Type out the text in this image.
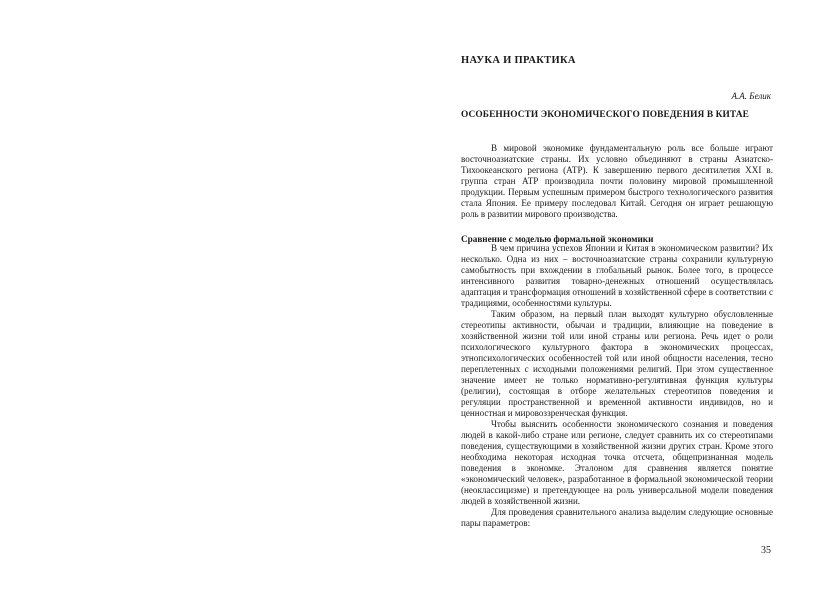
НАУКА И ПРАКТИКА

А.А. Белик

ОСОБЕННОСТИ ЭКОНОМИЧЕСКОГО ПОВЕДЕНИЯ В КИТАЕ

В мировой экономике фундаментальную роль все больше играют восточноазиатские страны. Их условно объединяют в страны Азиатско-Тихоокеанского региона (АТР). К завершению первого десятилетия XXI в. группа стран АТР производила почти половину мировой промышленной продукции. Первым успешным примером быстрого технологического развития стала Япония. Ее примеру последовал Китай. Сегодня он играет решающую роль в развитии мирового производства.

Сравнение с моделью формальной экономики

В чем причина успехов Японии и Китая в экономическом развитии? Их несколько. Одна из них – восточноазиатские страны сохранили культурную самобытность при вхождении в глобальный рынок. Более того, в процессе интенсивного развития товарно-денежных отношений осуществлялась адаптация и трансформация отношений в хозяйственной сфере в соответствии с традициями, особенностями культуры.

Таким образом, на первый план выходят культурно обусловленные стереотипы активности, обычаи и традиции, влияющие на поведение в хозяйственной жизни той или иной страны или региона. Речь идет о роли психологического культурного фактора в экономических процессах, этнопсихологических особенностей той или иной общности населения, тесно переплетенных с исходными положениями религий. При этом существенное значение имеет не только нормативно-регулятивная функция культуры (религии), состоящая в отборе желательных стереотипов поведения и регуляции пространственной и временной активности индивидов, но и ценностная и мировоззренческая функция.

Чтобы выяснить особенности экономического сознания и поведения людей в какой-либо стране или регионе, следует сравнить их со стереотипами поведения, существующими в хозяйственной жизни других стран. Кроме этого необходима некоторая исходная точка отсчета, общепризнанная модель поведения в экономке. Эталоном для сравнения является понятие «экономический человек», разработанное в формальной экономической теории (неоклассицизме) и претендующее на роль универсальной модели поведения людей в хозяйственной жизни.

Для проведения сравнительного анализа выделим следующие основные пары параметров:

35
